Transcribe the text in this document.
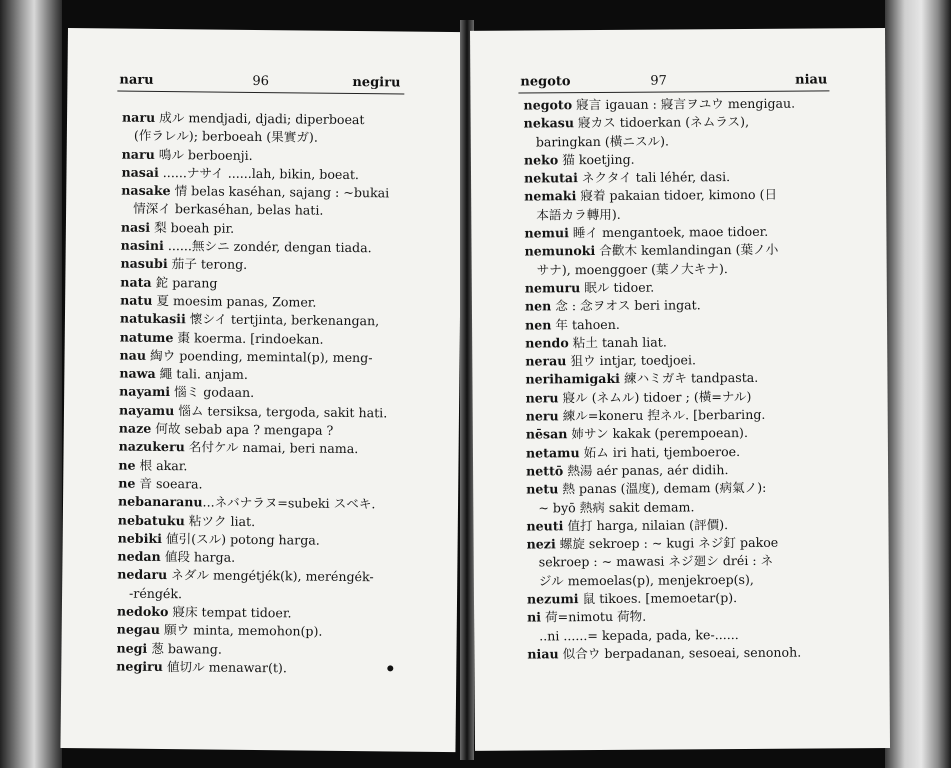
naru	96	negiru
naru 成ル mendjadi, djadi; diperboeat
(作ラレル); berboeah (果實ガ).
naru 鳴ル berboenji.
nasai ......ナサイ ......lah, bikin, boeat.
nasake 情 belas kaséhan, sajang : ~bukai
情深イ berkaséhan, belas hati.
nasi 梨 boeah pir.
nasini ......無シニ zondér, dengan tiada.
nasubi 茄子 terong.
nata 鉈 parang
natu 夏 moesim panas, Zomer.
natukasii 懷シイ tertjinta, berkenangan,
natume 棗 koerma. [rindoekan.
nau 綯ウ poending, memintal(p), meng-
nawa 繩 tali. anjam.
nayami 惱ミ godaan.
nayamu 惱ム tersiksa, tergoda, sakit hati.
naze 何故 sebab apa ? mengapa ?
nazukeru 名付ケル namai, beri nama.
ne 根 akar.
ne 音 soeara.
nebanaranu...ネバナラヌ=subeki スベキ.
nebatuku 粘ツク liat.
nebiki 値引(スル) potong harga.
nedan 値段 harga.
nedaru ネダル mengétjék(k), meréngék-
-réngék.
nedoko 寢床 tempat tidoer.
negau 願ウ minta, memohon(p).
negi 葱 bawang.
negiru 値切ル menawar(t).
negoto	97	niau
negoto 寢言 igauan : 寢言ヲユウ mengigau.
nekasu 寢カス tidoerkan (ネムラス),
baringkan (橫ニスル).
neko 猫 koetjing.
nekutai ネクタイ tali léhér, dasi.
nemaki 寢着 pakaian tidoer, kimono (日
本語カラ轉用).
nemui 睡イ mengantoek, maoe tidoer.
nemunoki 合歡木 kemlandingan (葉ノ小
サナ), moenggoer (葉ノ大キナ).
nemuru 眠ル tidoer.
nen 念 : 念ヲオス beri ingat.
nen 年 tahoen.
nendo 粘土 tanah liat.
nerau 狙ウ intjar, toedjoei.
nerihamigaki 練ハミガキ tandpasta.
neru 寢ル (ネムル) tidoer ; (橫=ナル)
neru 練ル=koneru 揑ネル. [berbaring.
nēsan 姉サン kakak (perempoean).
netamu 妬ム iri hati, tjemboeroe.
nettō 熱湯 aér panas, aér didih.
netu 熱 panas (溫度), demam (病氣ノ):
~ byō 熱病 sakit demam.
neuti 值打 harga, nilaian (評價).
nezi 螺旋 sekroep : ~ kugi ネジ釘 pakoe
sekroep : ~ mawasi ネジ廻シ dréi : ネ
ジル memoelas(p), menjekroep(s),
nezumi 鼠 tikoes. [memoetar(p).
ni 荷=nimotu 荷物.
..ni ......= kepada, pada, ke-......
niau 似合ウ berpadanan, sesoeai, senonoh.
